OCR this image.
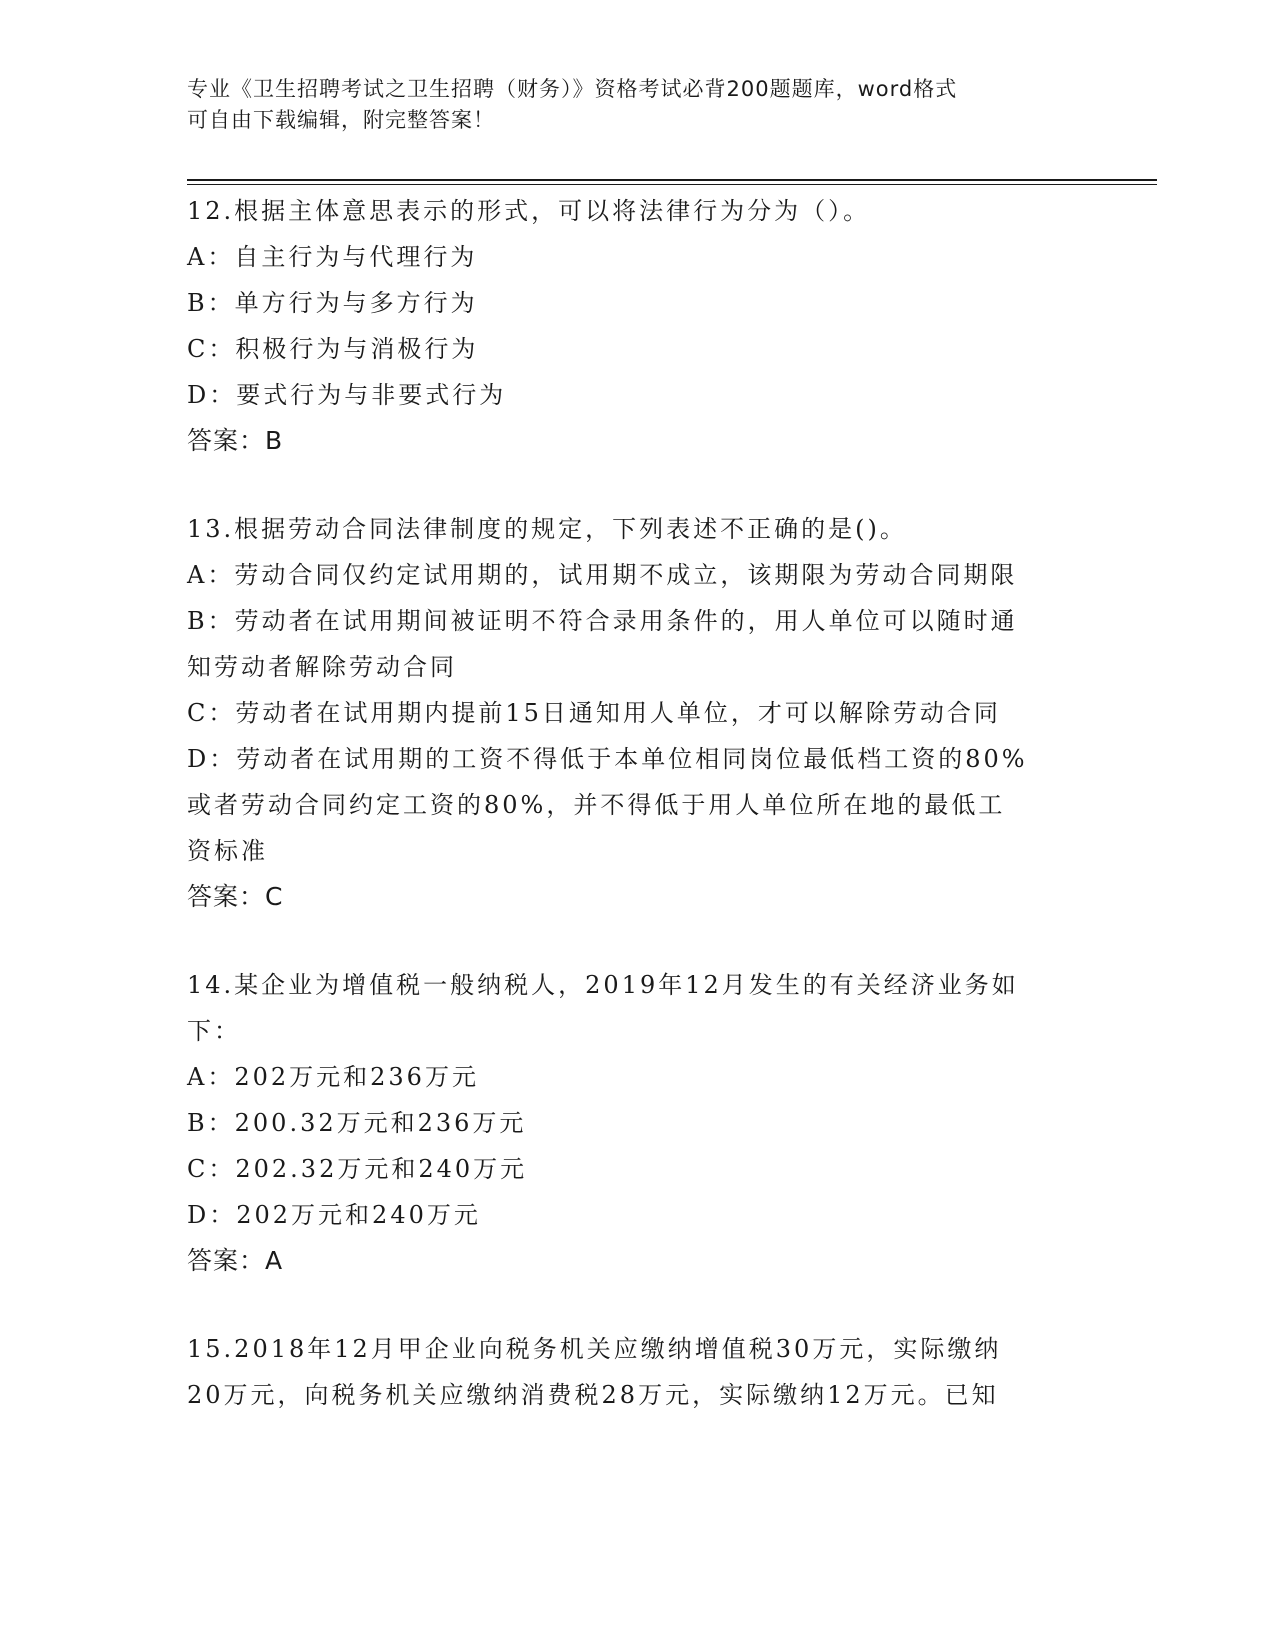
专业《卫生招聘考试之卫生招聘（财务）》资格考试必背200题题库，word格式
可自由下载编辑，附完整答案！
12.根据主体意思表示的形式，可以将法律行为分为（）。
A：自主行为与代理行为
B：单方行为与多方行为
C：积极行为与消极行为
D：要式行为与非要式行为
答案：B
13.根据劳动合同法律制度的规定，下列表述不正确的是()。
A：劳动合同仅约定试用期的，试用期不成立，该期限为劳动合同期限
B：劳动者在试用期间被证明不符合录用条件的，用人单位可以随时通
知劳动者解除劳动合同
C：劳动者在试用期内提前15日通知用人单位，才可以解除劳动合同
D：劳动者在试用期的工资不得低于本单位相同岗位最低档工资的80%
或者劳动合同约定工资的80%，并不得低于用人单位所在地的最低工
资标准
答案：C
14.某企业为增值税一般纳税人，2019年12月发生的有关经济业务如
下：
A：202万元和236万元
B：200.32万元和236万元
C：202.32万元和240万元
D：202万元和240万元
答案：A
15.2018年12月甲企业向税务机关应缴纳增值税30万元，实际缴纳
20万元，向税务机关应缴纳消费税28万元，实际缴纳12万元。已知
